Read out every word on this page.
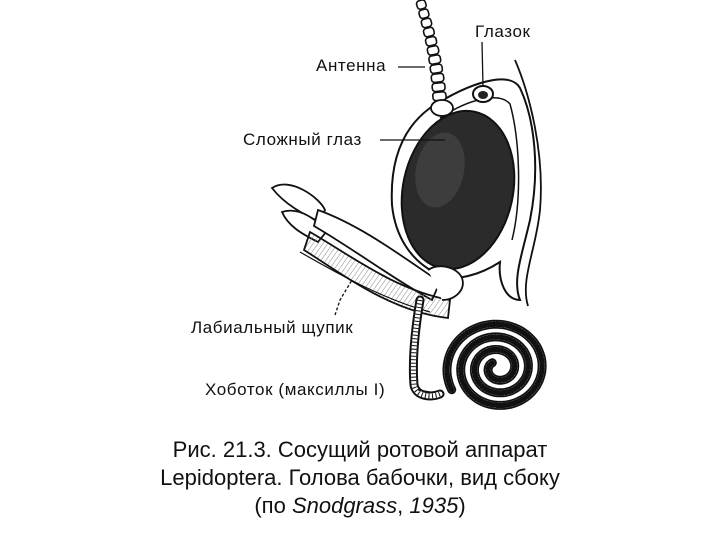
Глазок
Антенна
Сложный глаз
Лабиальный щупик
Хоботок (максиллы I)
Рис. 21.3. Сосущий ротовой аппарат
Lepidoptera. Голова бабочки, вид сбоку
(по Snodgrass, 1935)
